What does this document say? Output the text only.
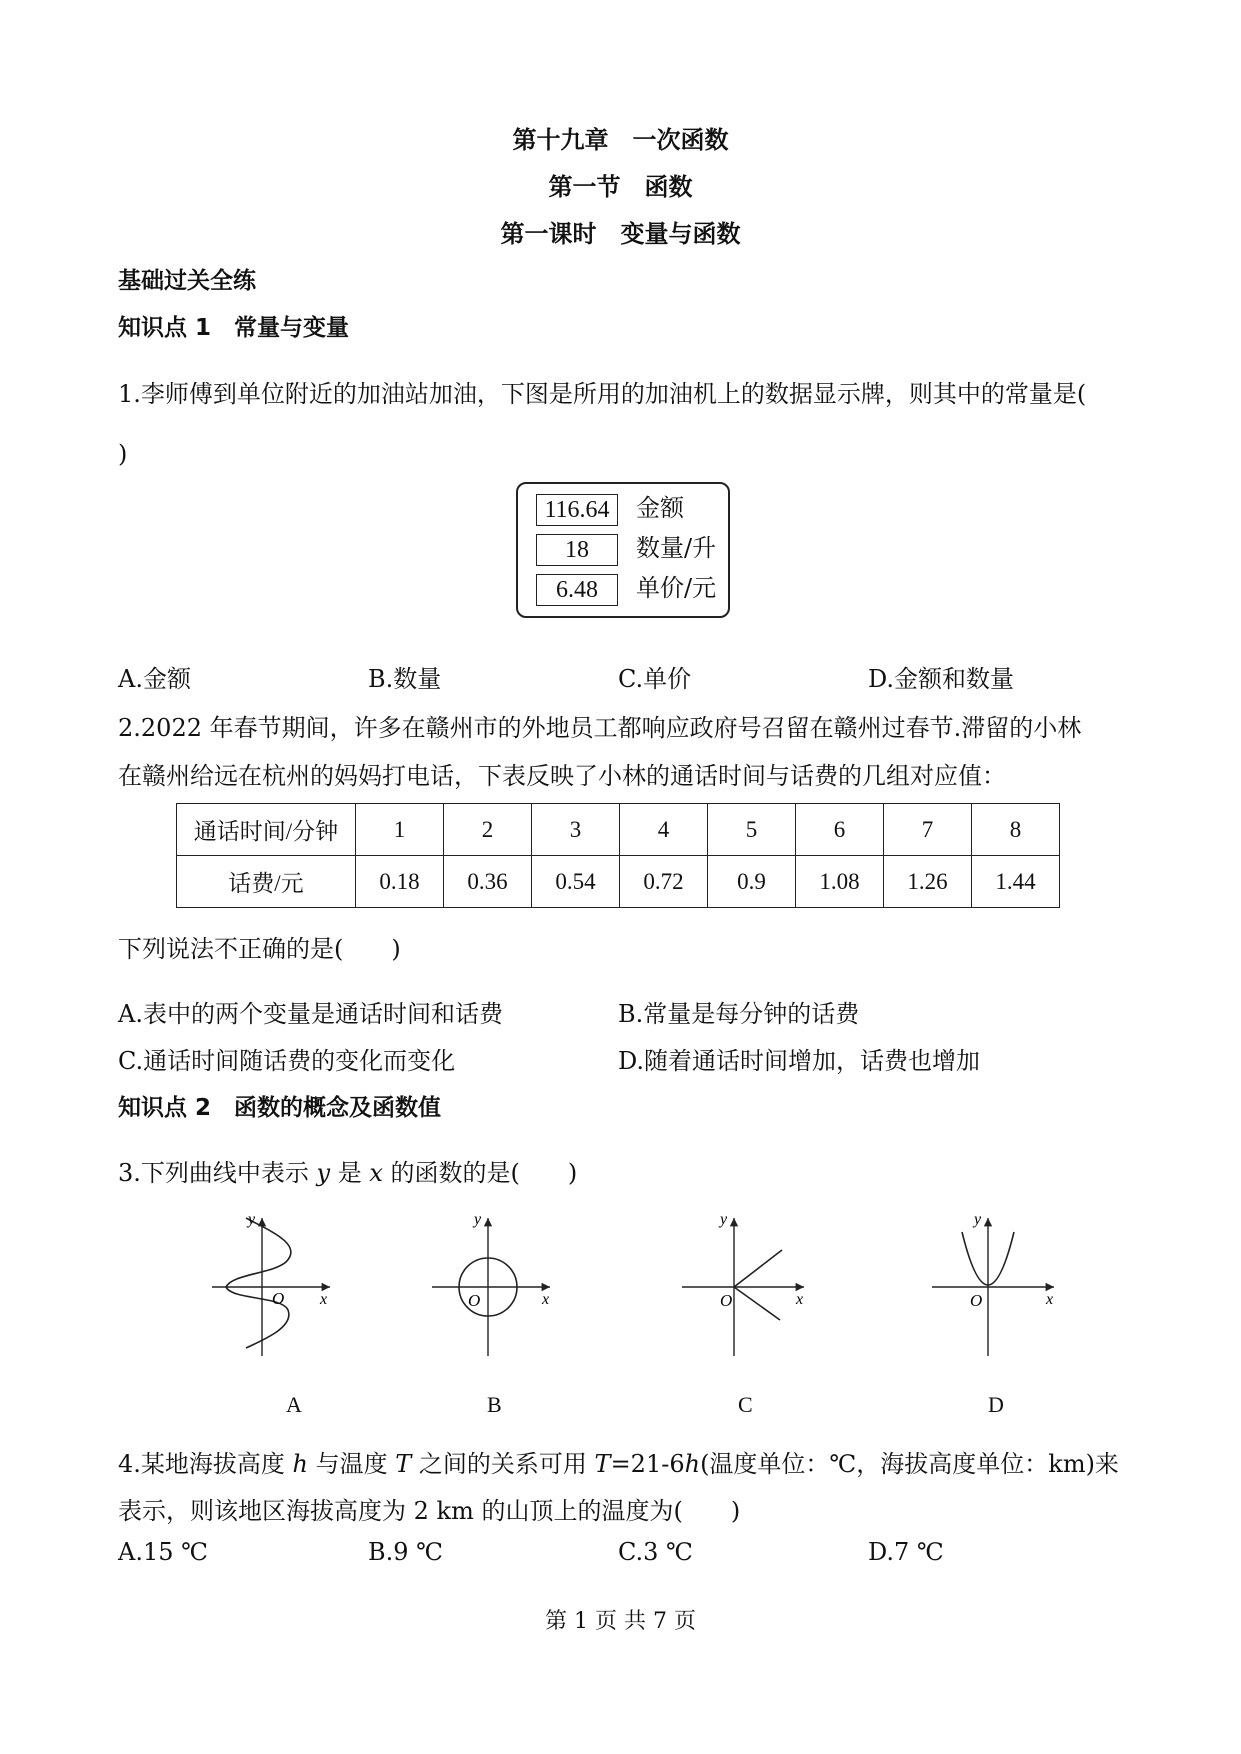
第十九章　一次函数
第一节　函数
第一课时　变量与函数
基础过关全练
知识点 1　常量与变量
1.李师傅到单位附近的加油站加油，下图是所用的加油机上的数据显示牌，则其中的常量是(
)
116.64	金额
18	数量/升
6.48	单价/元
A.金额	B.数量	C.单价	D.金额和数量
2.2022 年春节期间，许多在赣州市的外地员工都响应政府号召留在赣州过春节.滞留的小林
在赣州给远在杭州的妈妈打电话，下表反映了小林的通话时间与话费的几组对应值：
通话时间/分钟	1	2	3	4	5	6	7	8
话费/元	0.18	0.36	0.54	0.72	0.9	1.08	1.26	1.44
下列说法不正确的是(　　)
A.表中的两个变量是通话时间和话费	B.常量是每分钟的话费
C.通话时间随话费的变化而变化	D.随着通话时间增加，话费也增加
知识点 2　函数的概念及函数值
3.下列曲线中表示 y 是 x 的函数的是(　　)
y
x
O
y
x
O
y
x
O
y
x
O
A	B	C	D
4.某地海拔高度 h 与温度 T 之间的关系可用 T=21-6h(温度单位：℃，海拔高度单位：km)来
表示，则该地区海拔高度为 2 km 的山顶上的温度为(　　)
A.15 ℃	B.9 ℃	C.3 ℃	D.7 ℃
第 1 页 共 7 页
